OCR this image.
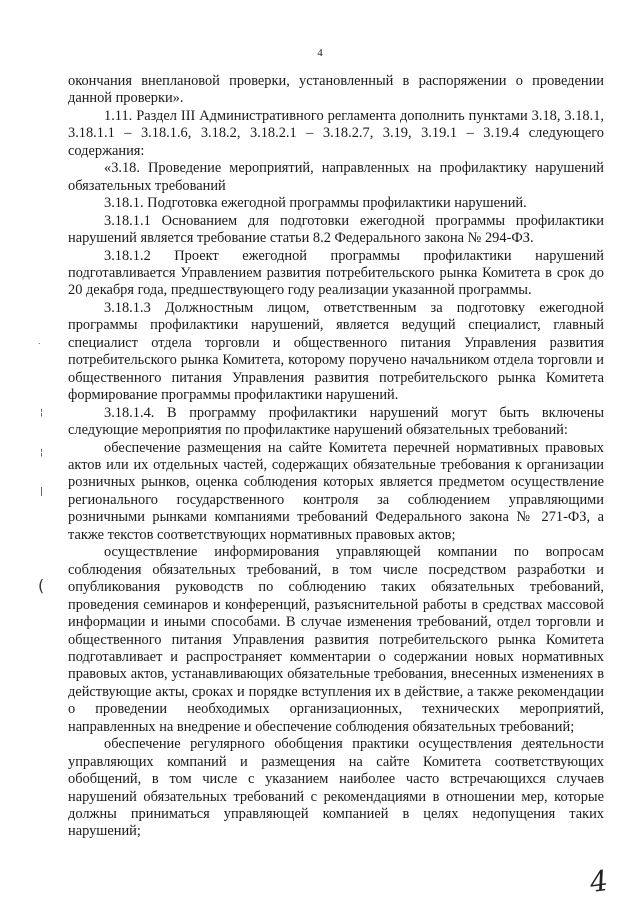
4

окончания внеплановой проверки, установленный в распоряжении о проведении данной проверки».

1.11. Раздел III Административного регламента дополнить пунктами 3.18, 3.18.1, 3.18.1.1 – 3.18.1.6, 3.18.2, 3.18.2.1 – 3.18.2.7, 3.19, 3.19.1 – 3.19.4 следующего содержания:

«3.18. Проведение мероприятий, направленных на профилактику нарушений обязательных требований

3.18.1. Подготовка ежегодной программы профилактики нарушений.

3.18.1.1 Основанием для подготовки ежегодной программы профилактики нарушений является требование статьи 8.2 Федерального закона № 294-ФЗ.

3.18.1.2 Проект ежегодной программы профилактики нарушений подготавливается Управлением развития потребительского рынка Комитета в срок до 20 декабря года, предшествующего году реализации указанной программы.

3.18.1.3 Должностным лицом, ответственным за подготовку ежегодной программы профилактики нарушений, является ведущий специалист, главный специалист отдела торговли и общественного питания Управления развития потребительского рынка Комитета, которому поручено начальником отдела торговли и общественного питания Управления развития потребительского рынка Комитета формирование программы профилактики нарушений.

3.18.1.4. В программу профилактики нарушений могут быть включены следующие мероприятия по профилактике нарушений обязательных требований:

обеспечение размещения на сайте Комитета перечней нормативных правовых актов или их отдельных частей, содержащих обязательные требования к организации розничных рынков, оценка соблюдения которых является предметом осуществление регионального государственного контроля за соблюдением управляющими розничными рынками компаниями требований Федерального закона № 271-ФЗ, а также текстов соответствующих нормативных правовых актов;

осуществление информирования управляющей компании по вопросам соблюдения обязательных требований, в том числе посредством разработки и опубликования руководств по соблюдению таких обязательных требований, проведения семинаров и конференций, разъяснительной работы в средствах массовой информации и иными способами. В случае изменения требований, отдел торговли и общественного питания Управления развития потребительского рынка Комитета подготавливает и распространяет комментарии о содержании новых нормативных правовых актов, устанавливающих обязательные требования, внесенных изменениях в действующие акты, сроках и порядке вступления их в действие, а также рекомендации о проведении необходимых организационных, технических мероприятий, направленных на внедрение и обеспечение соблюдения обязательных требований;

обеспечение регулярного обобщения практики осуществления деятельности управляющих компаний и размещения на сайте Комитета соответствующих обобщений, в том числе с указанием наиболее часто встречающихся случаев нарушений обязательных требований с рекомендациями в отношении мер, которые должны приниматься управляющей компанией в целях недопущения таких нарушений;

˙
¦
¦
|
(
4
